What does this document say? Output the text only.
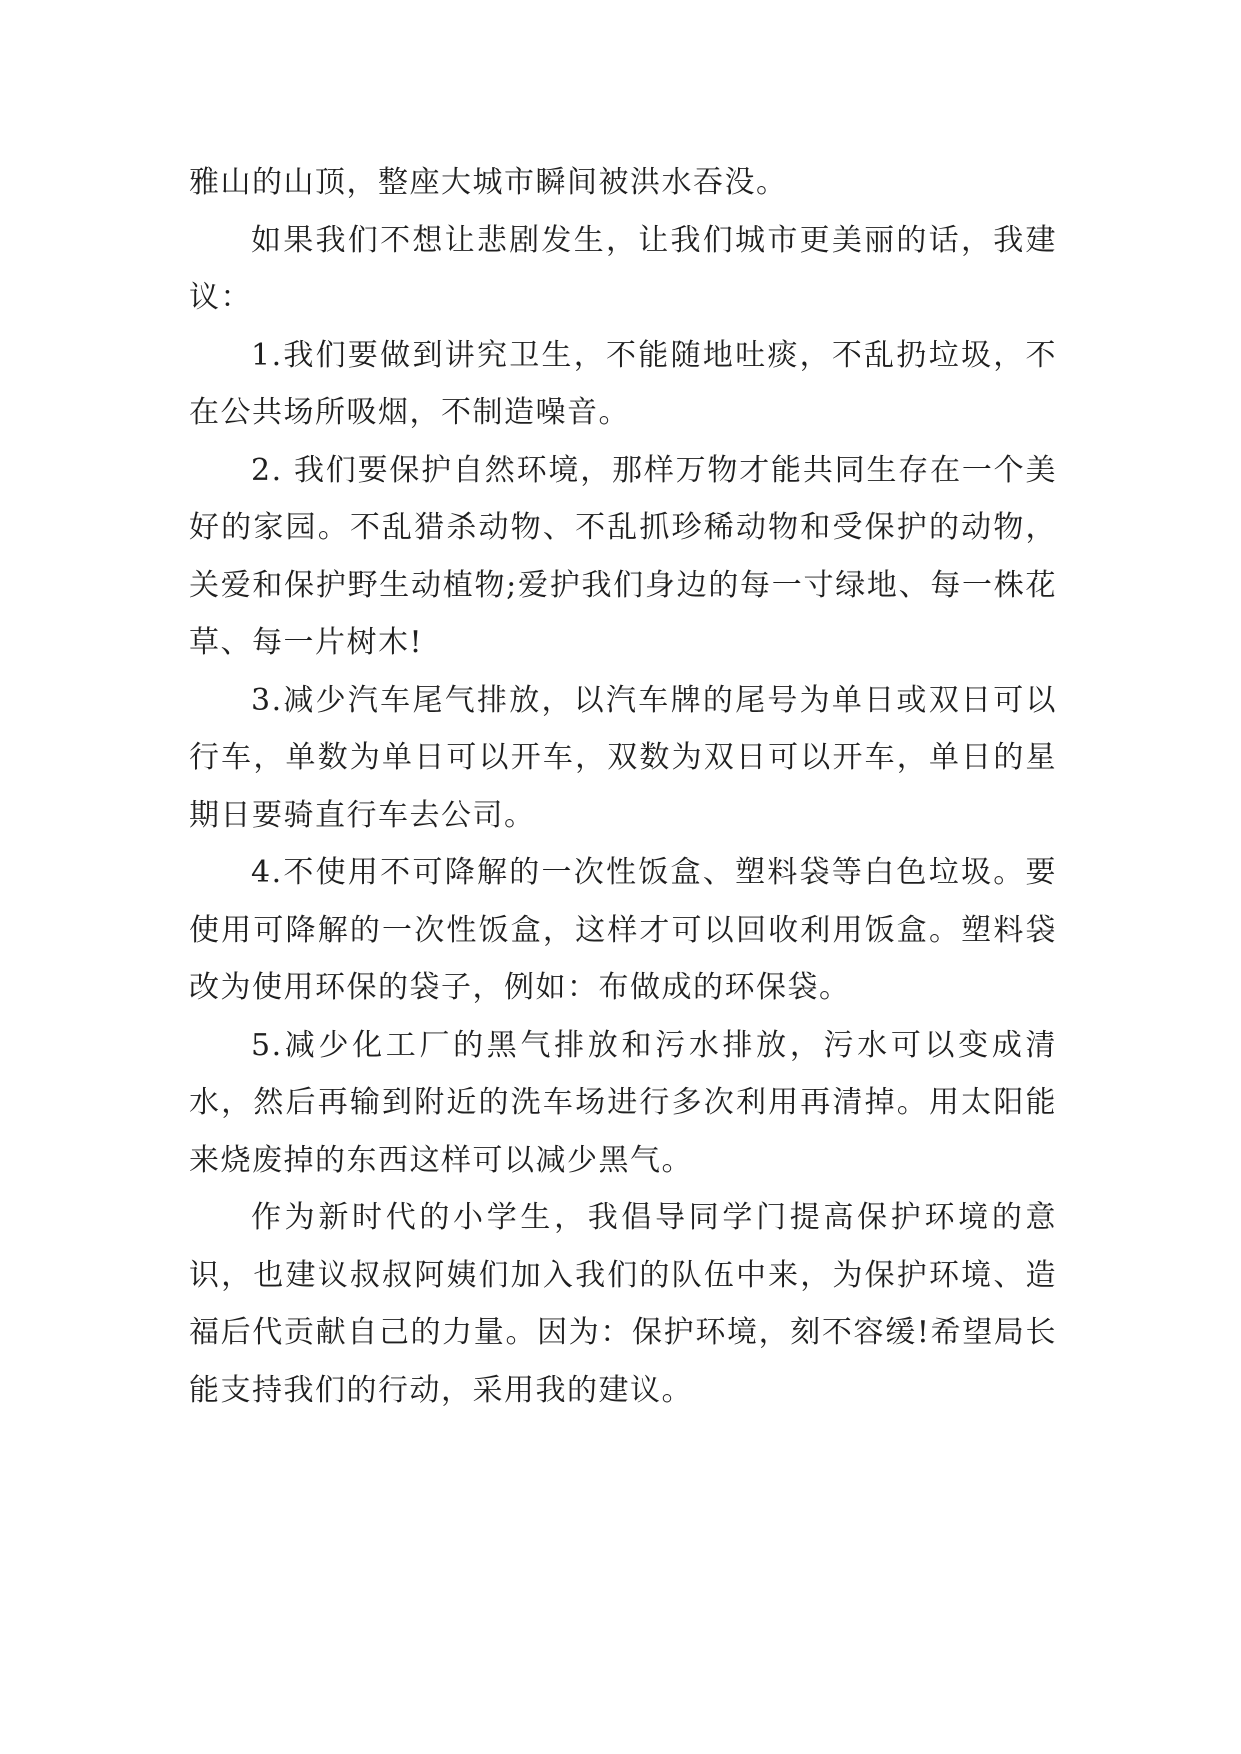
雅山的山顶，整座大城市瞬间被洪水吞没。

如果我们不想让悲剧发生，让我们城市更美丽的话，我建议：

1.我们要做到讲究卫生，不能随地吐痰，不乱扔垃圾，不在公共场所吸烟，不制造噪音。

2. 我们要保护自然环境，那样万物才能共同生存在一个美好的家园。不乱猎杀动物、不乱抓珍稀动物和受保护的动物，关爱和保护野生动植物;爱护我们身边的每一寸绿地、每一株花草、每一片树木!

3.减少汽车尾气排放，以汽车牌的尾号为单日或双日可以行车，单数为单日可以开车，双数为双日可以开车，单日的星期日要骑直行车去公司。

4.不使用不可降解的一次性饭盒、塑料袋等白色垃圾。要使用可降解的一次性饭盒，这样才可以回收利用饭盒。塑料袋改为使用环保的袋子，例如：布做成的环保袋。

5.减少化工厂的黑气排放和污水排放，污水可以变成清水，然后再输到附近的洗车场进行多次利用再清掉。用太阳能来烧废掉的东西这样可以减少黑气。

作为新时代的小学生，我倡导同学门提高保护环境的意识，也建议叔叔阿姨们加入我们的队伍中来，为保护环境、造福后代贡献自己的力量。因为：保护环境，刻不容缓!希望局长能支持我们的行动，采用我的建议。
